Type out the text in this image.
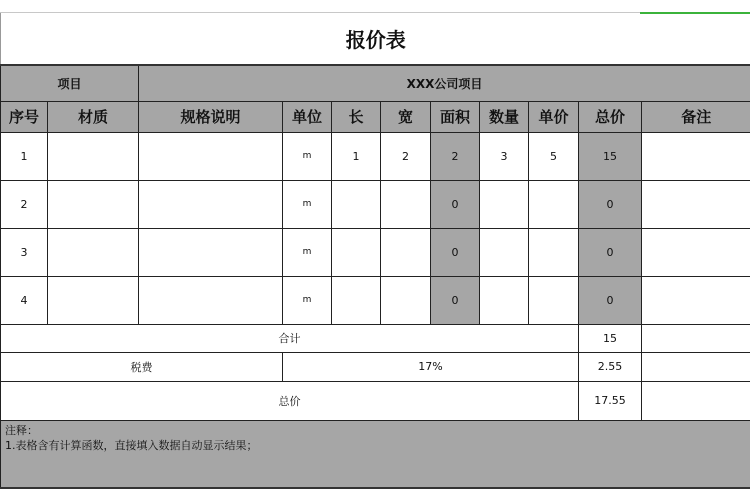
报价表										
项目		XXX公司项目								
序号	材质	规格说明	单位	长	宽	面积	数量	单价	总价	备注
1			m	1	2	2	3	5	15	
2			m			0			0	
3			m			0			0	
4			m			0			0	
合计									15	
税费			17%						2.55	
总价									17.55	

注释：
1.表格含有计算函数，直接填入数据自动显示结果；										
